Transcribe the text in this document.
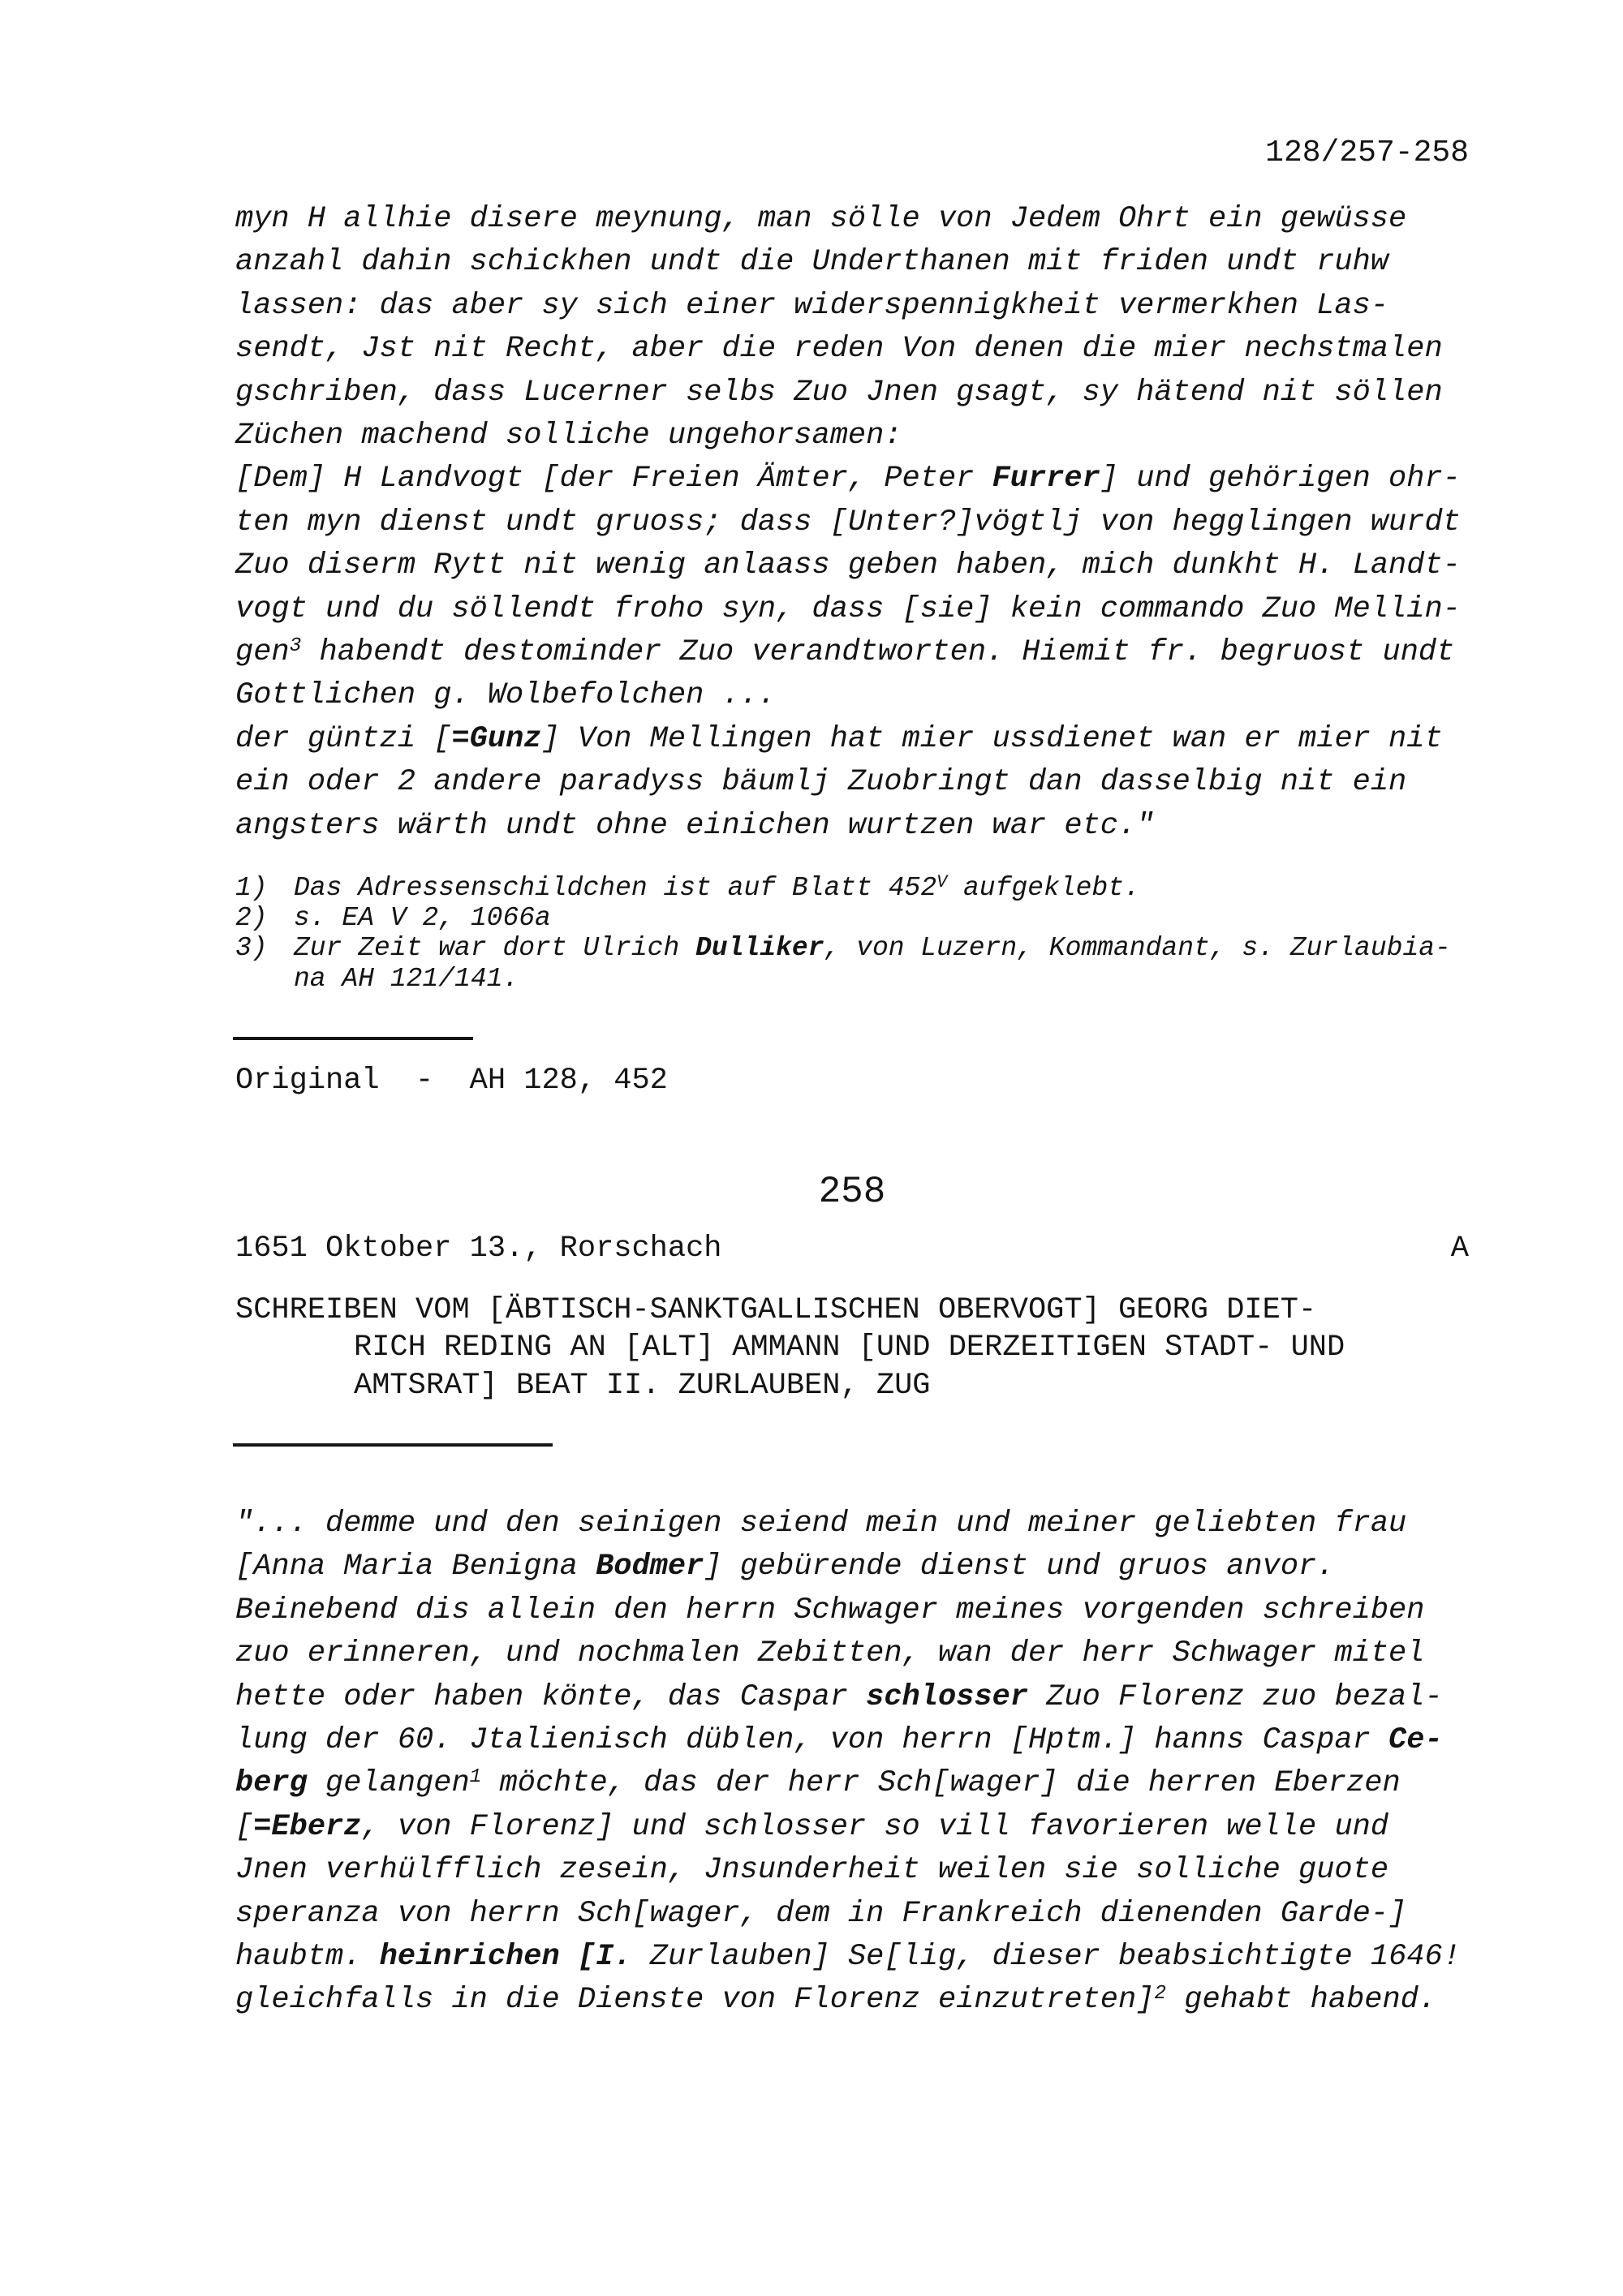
128/257-258
myn H allhie disere meynung, man sölle von Jedem Ohrt ein gewüsse
anzahl dahin schickhen undt die Underthanen mit friden undt ruhw
lassen: das aber sy sich einer widerspennigkheit vermerkhen Las-
sendt, Jst nit Recht, aber die reden Von denen die mier nechstmalen
gschriben, dass Lucerner selbs Zuo Jnen gsagt, sy hätend nit söllen
Züchen machend solliche ungehorsamen:
[Dem] H Landvogt [der Freien Ämter, Peter Furrer] und gehörigen ohr-
ten myn dienst undt gruoss; dass [Unter?]vögtlj von hegglingen wurdt
Zuo diserm Rytt nit wenig anlaass geben haben, mich dunkht H. Landt-
vogt und du söllendt froho syn, dass [sie] kein commando Zuo Mellin-
gen$^3$ habendt destominder Zuo verandtworten. Hiemit fr. begruost undt
Gottlichen g. Wolbefolchen ...
der güntzi [=Gunz] Von Mellingen hat mier ussdienet wan er mier nit
ein oder 2 andere paradyss bäumlj Zuobringt dan dasselbig nit ein
angsters wärth undt ohne einichen wurtzen war etc."
1) Das Adressenschildchen ist auf Blatt $452^V$ aufgeklebt.
2) s. EA V 2, 1066a
3) Zur Zeit war dort Ulrich Dulliker, von Luzern, Kommandant, s. Zurlaubia-
na AH 121/141.
Original  -  AH 128, 452
258
1651 Oktober 13., Rorschach	A
SCHREIBEN VOM [ÄBTISCH-SANKTGALLISCHEN OBERVOGT] GEORG DIET-
RICH REDING AN [ALT] AMMANN [UND DERZEITIGEN STADT- UND
AMTSRAT] BEAT II. ZURLAUBEN, ZUG
"... demme und den seinigen seiend mein und meiner geliebten frau
[Anna Maria Benigna Bodmer] gebürende dienst und gruos anvor.
Beinebend dis allein den herrn Schwager meines vorgenden schreiben
zuo erinneren, und nochmalen Zebitten, wan der herr Schwager mitel
hette oder haben könte, das Caspar schlosser Zuo Florenz zuo bezal-
lung der 60. Jtalienisch düblen, von herrn [Hptm.] hanns Caspar Ce-
berg gelangen$^1$ möchte, das der herr Sch[wager] die herren Eberzen
[=Eberz, von Florenz] und schlosser so vill favorieren welle und
Jnen verhülfflich zesein, Jnsunderheit weilen sie solliche guote
speranza von herrn Sch[wager, dem in Frankreich dienenden Garde-]
haubtm. heinrichen [I. Zurlauben] Se[lig, dieser beabsichtigte 1646!
gleichfalls in die Dienste von Florenz einzutreten]$^2$ gehabt habend.
